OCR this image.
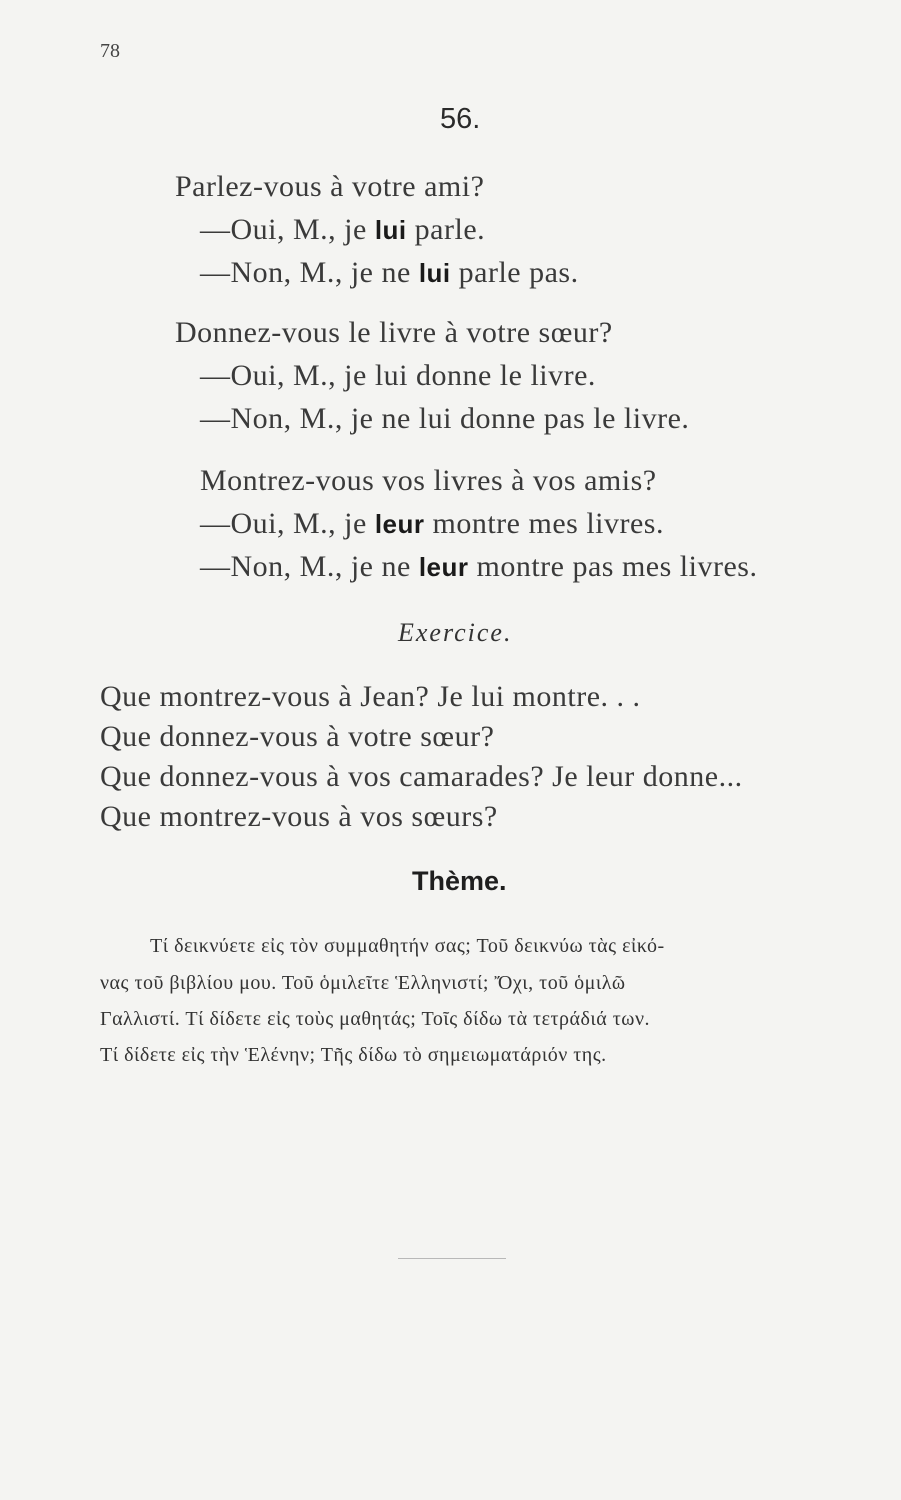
78
56.
Parlez-vous à votre ami?
—Oui, M., je lui parle.
—Non, M., je ne lui parle pas.
Donnez-vous le livre à votre sœur?
—Oui, M., je lui donne le livre.
—Non, M., je ne lui donne pas le livre.
Montrez-vous vos livres à vos amis?
—Oui, M., je leur montre mes livres.
—Non, M., je ne leur montre pas mes livres.
Exercice.
Que montrez-vous à Jean? Je lui montre. . .
Que donnez-vous à votre sœur?
Que donnez-vous à vos camarades? Je leur donne...
Que montrez-vous à vos sœurs?
Thème.
Τί δεικνύετε εἰς τὸν συμμαθητήν σας; Τοῦ δεικνύω τὰς εἰκό-
νας τοῦ βιβλίου μου. Τοῦ ὁμιλεῖτε Ἑλληνιστί; Ὄχι, τοῦ ὁμιλῶ
Γαλλιστί. Τί δίδετε εἰς τοὺς μαθητάς; Τοῖς δίδω τὰ τετράδιά των.
Τί δίδετε εἰς τὴν Ἑλένην; Τῆς δίδω τὸ σημειωματάριόν της.
